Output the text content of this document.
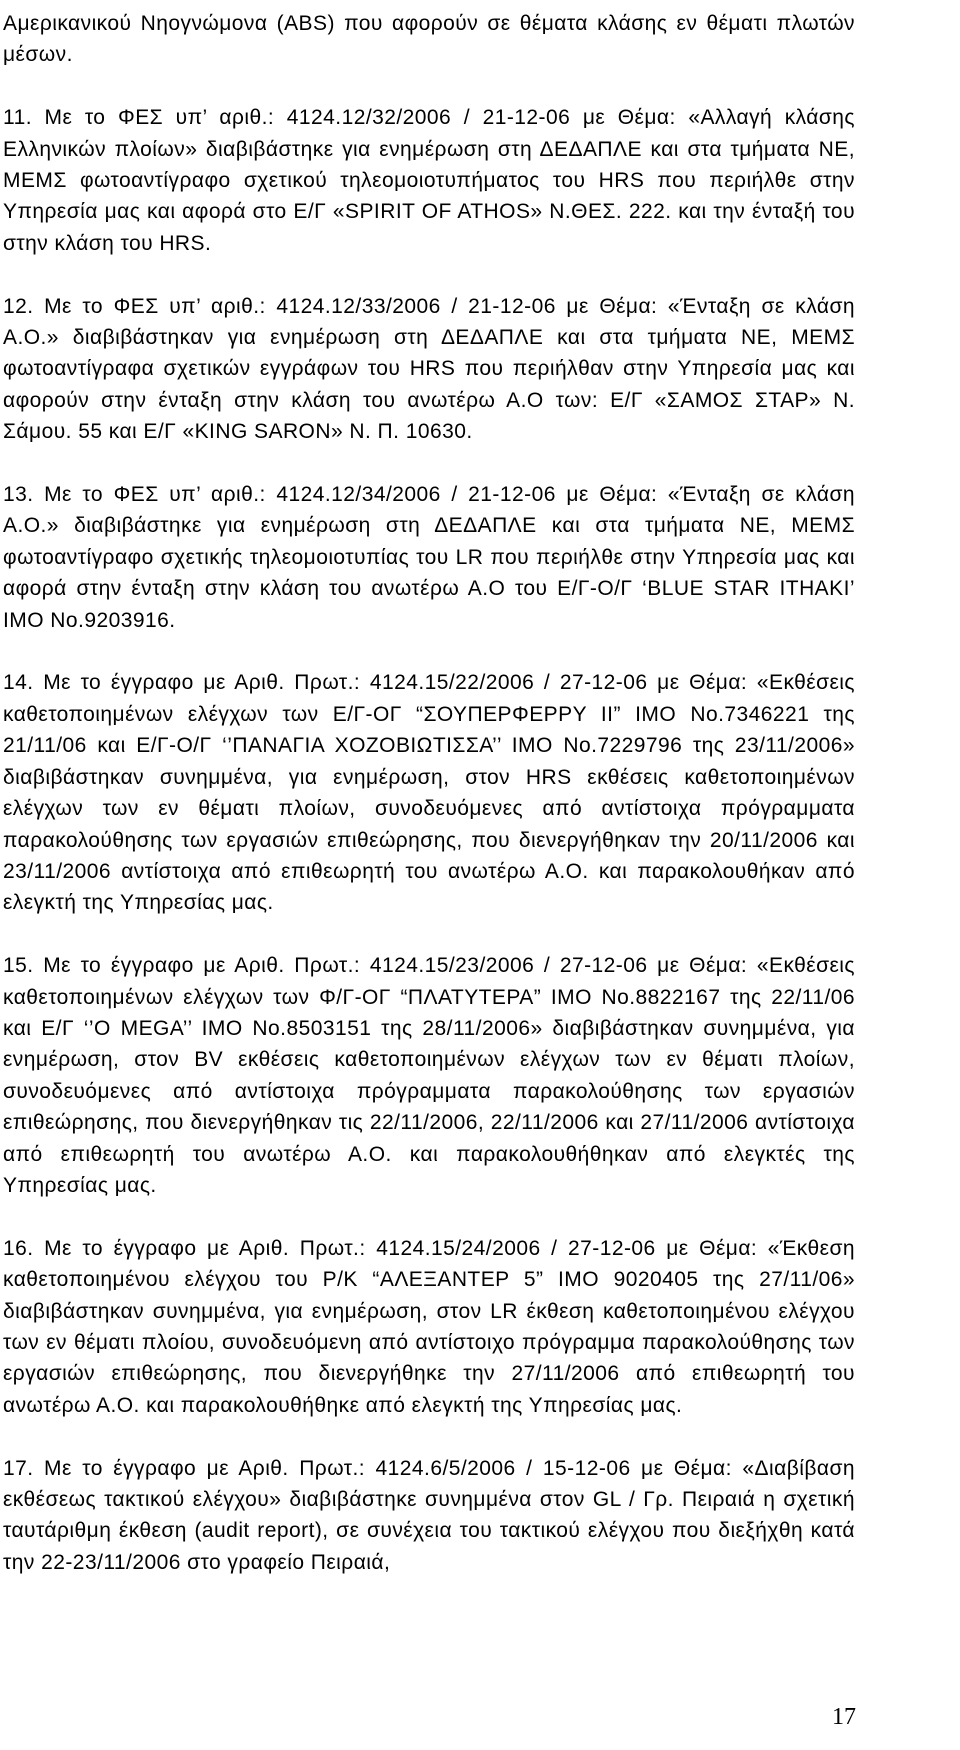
Αμερικανικού Νηογνώμονα (ABS) που αφορούν σε θέματα κλάσης εν θέματι πλωτών μέσων.

11. Με το ΦΕΣ υπ’ αριθ.: 4124.12/32/2006 / 21-12-06 με Θέμα: «Αλλαγή κλάσης Ελληνικών πλοίων» διαβιβάστηκε για ενημέρωση στη ΔΕΔΑΠΛΕ και στα τμήματα ΝΕ, ΜΕΜΣ φωτοαντίγραφο σχετικού τηλεομοιοτυπήματος του HRS που περιήλθε στην Υπηρεσία μας και αφορά στο Ε/Γ «SPIRIT OF ATHOS» Ν.ΘΕΣ. 222. και την ένταξή του στην κλάση του HRS.

12. Με το ΦΕΣ υπ’ αριθ.: 4124.12/33/2006 / 21-12-06 με Θέμα: «Ένταξη σε κλάση Α.Ο.» διαβιβάστηκαν για ενημέρωση στη ΔΕΔΑΠΛΕ και στα τμήματα ΝΕ, ΜΕΜΣ φωτοαντίγραφα σχετικών εγγράφων του HRS που περιήλθαν στην Υπηρεσία μας και αφορούν στην ένταξη στην κλάση του ανωτέρω Α.Ο των: Ε/Γ «ΣΑΜΟΣ ΣΤΑΡ» Ν. Σάμου. 55 και Ε/Γ «KING SARON» Ν. Π. 10630.

13. Με το ΦΕΣ υπ’ αριθ.: 4124.12/34/2006 / 21-12-06 με Θέμα: «Ένταξη σε κλάση Α.Ο.» διαβιβάστηκε για ενημέρωση στη ΔΕΔΑΠΛΕ και στα τμήματα ΝΕ, ΜΕΜΣ φωτοαντίγραφο σχετικής τηλεομοιοτυπίας του LR που περιήλθε στην Υπηρεσία μας και αφορά στην ένταξη στην κλάση του ανωτέρω Α.Ο του Ε/Γ-Ο/Γ ‘BLUE STAR ITHAKI’ IMO No.9203916.

14. Με το έγγραφο με Αριθ. Πρωτ.: 4124.15/22/2006 / 27-12-06 με Θέμα: «Εκθέσεις καθετοποιημένων ελέγχων των Ε/Γ-ΟΓ “ΣΟΥΠΕΡΦΕΡΡΥ ΙΙ” ΙΜΟ No.7346221 της 21/11/06 και Ε/Γ-Ο/Γ ‘’ΠΑΝΑΓΙΑ ΧΟΖΟΒΙΩΤΙΣΣΑ’’ ΙΜΟ No.7229796 της 23/11/2006» διαβιβάστηκαν συνημμένα, για ενημέρωση, στον HRS εκθέσεις καθετοποιημένων ελέγχων των εν θέματι πλοίων, συνοδευόμενες από αντίστοιχα πρόγραμματα παρακολούθησης των εργασιών επιθεώρησης, που διενεργήθηκαν την 20/11/2006 και 23/11/2006 αντίστοιχα από επιθεωρητή του ανωτέρω Α.Ο. και παρακολουθήκαν από ελεγκτή της Υπηρεσίας μας.

15. Με το έγγραφο με Αριθ. Πρωτ.: 4124.15/23/2006 / 27-12-06 με Θέμα: «Εκθέσεις καθετοποιημένων ελέγχων των Φ/Γ-ΟΓ “ΠΛΑΤΥΤΕΡΑ” ΙΜΟ No.8822167 της 22/11/06 και Ε/Γ ‘’O MEGA’’ IMO No.8503151 της 28/11/2006» διαβιβάστηκαν συνημμένα, για ενημέρωση, στον BV εκθέσεις καθετοποιημένων ελέγχων των εν θέματι πλοίων, συνοδευόμενες από αντίστοιχα πρόγραμματα παρακολούθησης των εργασιών επιθεώρησης, που διενεργήθηκαν τις 22/11/2006, 22/11/2006 και 27/11/2006 αντίστοιχα από επιθεωρητή του ανωτέρω Α.Ο. και παρακολουθήθηκαν από ελεγκτές της Υπηρεσίας μας.

16. Με το έγγραφο με Αριθ. Πρωτ.: 4124.15/24/2006 / 27-12-06 με Θέμα: «Έκθεση καθετοποιημένου ελέγχου του Ρ/Κ “ΑΛΕΞΑΝΤΕΡ 5” ΙΜΟ 9020405 της 27/11/06» διαβιβάστηκαν συνημμένα, για ενημέρωση, στον LR έκθεση καθετοποιημένου ελέγχου των εν θέματι πλοίου, συνοδευόμενη από αντίστοιχο πρόγραμμα παρακολούθησης των εργασιών επιθεώρησης, που διενεργήθηκε την 27/11/2006 από επιθεωρητή του ανωτέρω Α.Ο. και παρακολουθήθηκε από ελεγκτή της Υπηρεσίας μας.

17. Με το έγγραφο με Αριθ. Πρωτ.: 4124.6/5/2006 / 15-12-06 με Θέμα: «Διαβίβαση εκθέσεως τακτικού ελέγχου» διαβιβάστηκε συνημμένα στον GL / Γρ. Πειραιά η σχετική ταυτάριθμη έκθεση (audit report), σε συνέχεια του τακτικού ελέγχου που διεξήχθη κατά την 22-23/11/2006 στο γραφείο Πειραιά,

17
